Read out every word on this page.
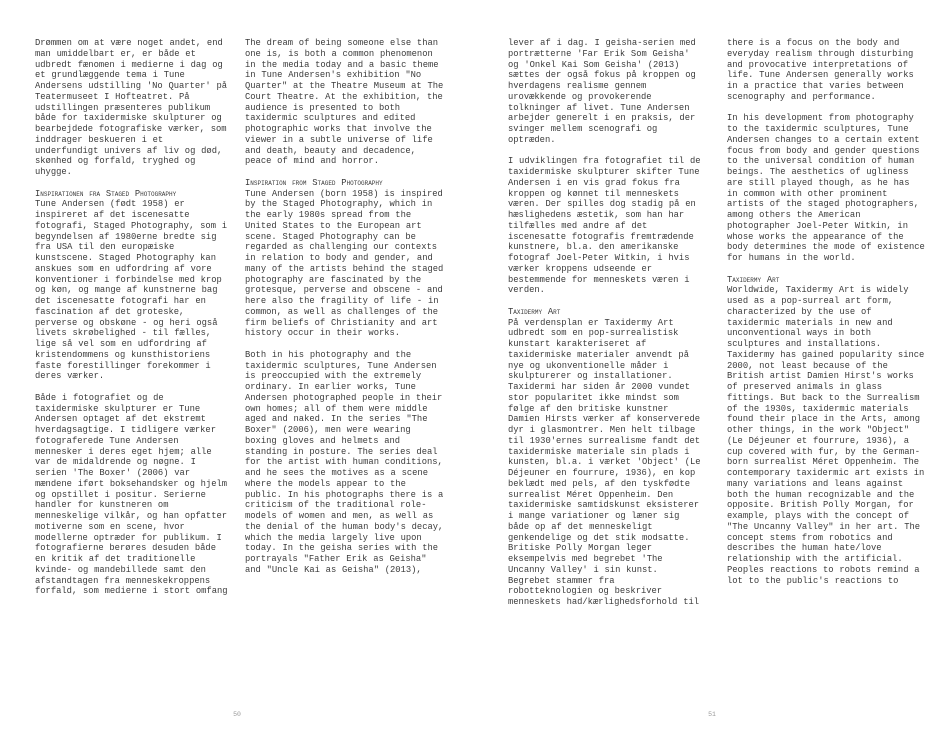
Drømmen om at være noget andet, end man umiddelbart er, er både et udbredt fænomen i medierne i dag og et grundlæggende tema i Tune Andersens udstilling 'No Quarter' på Teatermuseet I Hofteatret. På udstillingen præsenteres publikum både for taxidermiske skulpturer og bearbejdede fotografiske værker, som inddrager beskueren i et underfundigt univers af liv og død, skønhed og forfald, tryghed og uhygge.

Inspirationen fra Staged Photography

Tune Andersen (født 1958) er inspireret af det iscenesatte fotografi, Staged Photography, som i begyndelsen af 1980erne bredte sig fra USA til den europæiske kunstscene. Staged Photography kan anskues som en udfordring af vore konventioner i forbindelse med krop og køn, og mange af kunstnerne bag det iscenesatte fotografi har en fascination af det groteske, perverse og obskøne - og heri også livets skrøbelighed - til fælles, lige så vel som en udfordring af kristendommens og kunsthistoriens faste forestillinger forekommer i deres værker.

Både i fotografiet og de taxidermiske skulpturer er Tune Andersen optaget af det ekstremt hverdagsagtige. I tidligere værker fotograferede Tune Andersen mennesker i deres eget hjem; alle var de midaldrende og nøgne. I serien 'The Boxer' (2006) var mændene iført boksehandsker og hjelm og opstillet i positur. Serierne handler for kunstneren om menneskelige vilkår, og han opfatter motiverne som en scene, hvor modellerne optræder for publikum. I fotografierne berøres desuden både en kritik af det traditionelle kvinde- og mandebillede samt den afstandtagen fra menneskekroppens forfald, som medierne i stort omfang

The dream of being someone else than one is, is both a common phenomenon in the media today and a basic theme in Tune Andersen's exhibition "No Quarter" at the Theatre Museum at The Court Theatre. At the exhibition, the audience is presented to both taxidermic sculptures and edited photographic works that involve the viewer in a subtle universe of life and death, beauty and decadence, peace of mind and horror.

Inspiration from Staged Photography

Tune Andersen (born 1958) is inspired by the Staged Photography, which in the early 1980s spread from the United States to the European art scene. Staged Photography can be regarded as challenging our contexts in relation to body and gender, and many of the artists behind the staged photography are fascinated by the grotesque, perverse and obscene - and here also the fragility of life - in common, as well as challenges of the firm beliefs of Christianity and art history occur in their works.

Both in his photography and the taxidermic sculptures, Tune Andersen is preoccupied with the extremely ordinary. In earlier works, Tune Andersen photographed people in their own homes; all of them were middle aged and naked. In the series "The Boxer" (2006), men were wearing boxing gloves and helmets and standing in posture. The series deal for the artist with human conditions, and he sees the motives as a scene where the models appear to the public. In his photographs there is a criticism of the traditional role-models of women and men, as well as the denial of the human body's decay, which the media largely live upon today. In the geisha series with the portrayals "Father Erik as Geisha" and "Uncle Kai as Geisha" (2013),

lever af i dag. I geisha-serien med portrætterne 'Far Erik Som Geisha' og 'Onkel Kai Som Geisha' (2013) sættes der også fokus på kroppen og hverdagens realisme gennem urovækkende og provokerende tolkninger af livet. Tune Andersen arbejder generelt i en praksis, der svinger mellem scenografi og optræden.

I udviklingen fra fotografiet til de taxidermiske skulpturer skifter Tune Andersen i en vis grad fokus fra kroppen og kønnet til menneskets væren. Der spilles dog stadig på en hæslighedens æstetik, som han har tilfælles med andre af det iscenesatte fotografis fremtrædende kunstnere, bl.a. den amerikanske fotograf Joel-Peter Witkin, i hvis værker kroppens udseende er bestemmende for menneskets væren i verden.

Taxidermy Art

På verdensplan er Taxidermy Art udbredt som en pop-surrealistisk kunstart karakteriseret af taxidermiske materialer anvendt på nye og ukonventionelle måder i skulpturerer og installationer. Taxidermi har siden år 2000 vundet stor popularitet ikke mindst som følge af den britiske kunstner Damien Hirsts værker af konserverede dyr i glasmontrer. Men helt tilbage til 1930'ernes surrealisme fandt det taxidermiske materiale sin plads i kunsten, bl.a. i værket 'Object' (Le Déjeuner en fourrure, 1936), en kop beklædt med pels, af den tyskfødte surrealist Méret Oppenheim. Den taxidermiske samtidskunst eksisterer i mange variationer og læner sig både op af det menneskeligt genkendelige og det stik modsatte. Britiske Polly Morgan leger eksempelvis med begrebet 'The Uncanny Valley' i sin kunst. Begrebet stammer fra robotteknologien og beskriver menneskets had/kærlighedsforhold til

there is a focus on the body and everyday realism through disturbing and provocative interpretations of life. Tune Andersen generally works in a practice that varies between scenography and performance.

In his development from photography to the taxidermic sculptures, Tune Andersen changes to a certain extent focus from body and gender questions to the universal condition of human beings. The aesthetics of ugliness are still played though, as he has in common with other prominent artists of the staged photographers, among others the American photographer Joel-Peter Witkin, in whose works the appearance of the body determines the mode of existence for humans in the world.

Taxidermy Art

Worldwide, Taxidermy Art is widely used as a pop-surreal art form, characterized by the use of taxidermic materials in new and unconventional ways in both sculptures and installations. Taxidermy has gained popularity since 2000, not least because of the British artist Damien Hirst's works of preserved animals in glass fittings. But back to the Surrealism of the 1930s, taxidermic materials found their place in the Arts, among other things, in the work "Object" (Le Déjeuner et fourrure, 1936), a cup covered with fur, by the German-born surrealist Méret Oppenheim. The contemporary taxidermic art exists in many variations and leans against both the human recognizable and the opposite. British Polly Morgan, for example, plays with the concept of "The Uncanny Valley" in her art. The concept stems from robotics and describes the human hate/love relationship with the artificial. Peoples reactions to robots remind a lot to the public's reactions to

50	51
